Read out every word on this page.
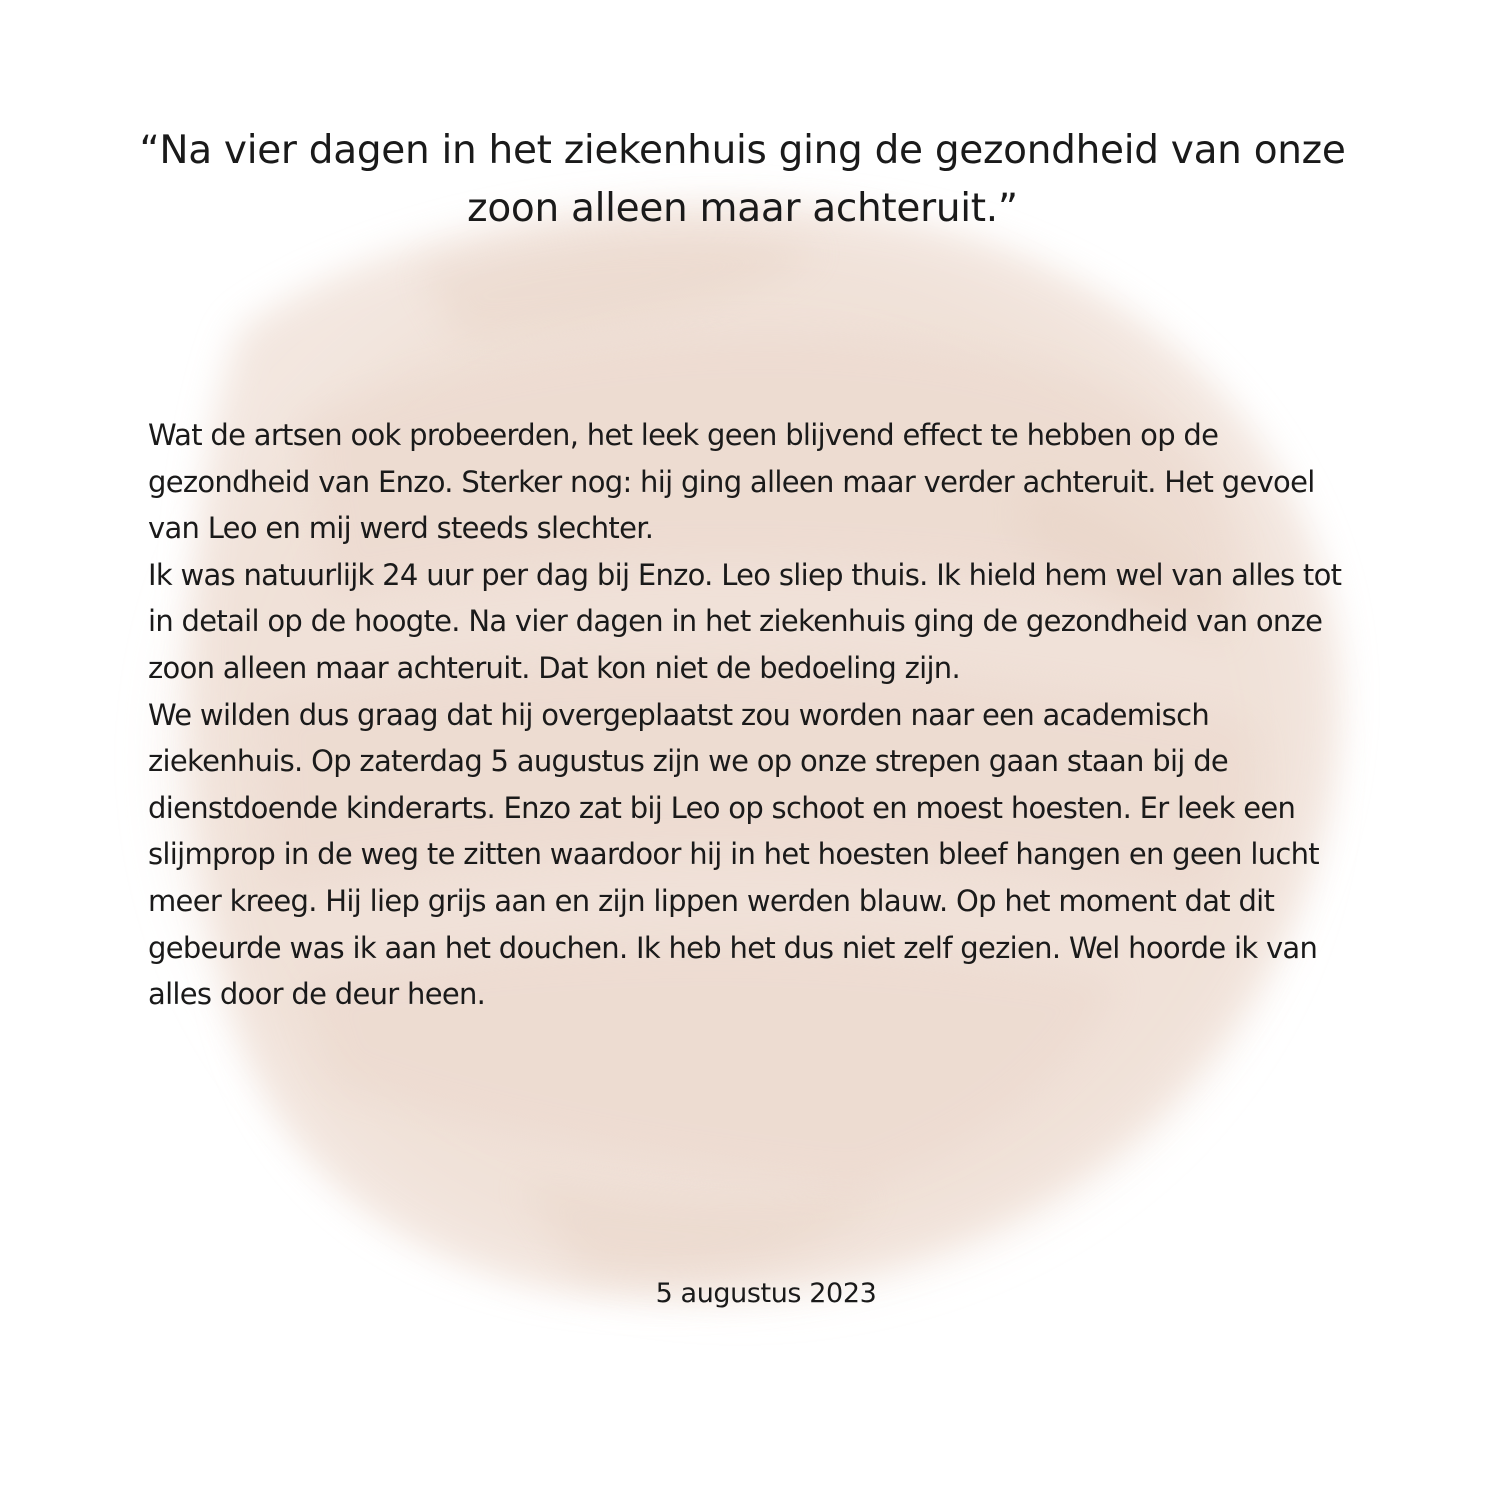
“Na vier dagen in het ziekenhuis ging de gezondheid van onze zoon alleen maar achteruit.”

Wat de artsen ook probeerden, het leek geen blijvend effect te hebben op de gezondheid van Enzo. Sterker nog: hij ging alleen maar verder achteruit. Het gevoel van Leo en mij werd steeds slechter.

Ik was natuurlijk 24 uur per dag bij Enzo. Leo sliep thuis. Ik hield hem wel van alles tot in detail op de hoogte. Na vier dagen in het ziekenhuis ging de gezondheid van onze zoon alleen maar achteruit. Dat kon niet de bedoeling zijn.

We wilden dus graag dat hij overgeplaatst zou worden naar een academisch ziekenhuis. Op zaterdag 5 augustus zijn we op onze strepen gaan staan bij de dienstdoende kinderarts. Enzo zat bij Leo op schoot en moest hoesten. Er leek een slijmprop in de weg te zitten waardoor hij in het hoesten bleef hangen en geen lucht meer kreeg. Hij liep grijs aan en zijn lippen werden blauw. Op het moment dat dit gebeurde was ik aan het douchen. Ik heb het dus niet zelf gezien. Wel hoorde ik van alles door de deur heen.

5 augustus 2023
